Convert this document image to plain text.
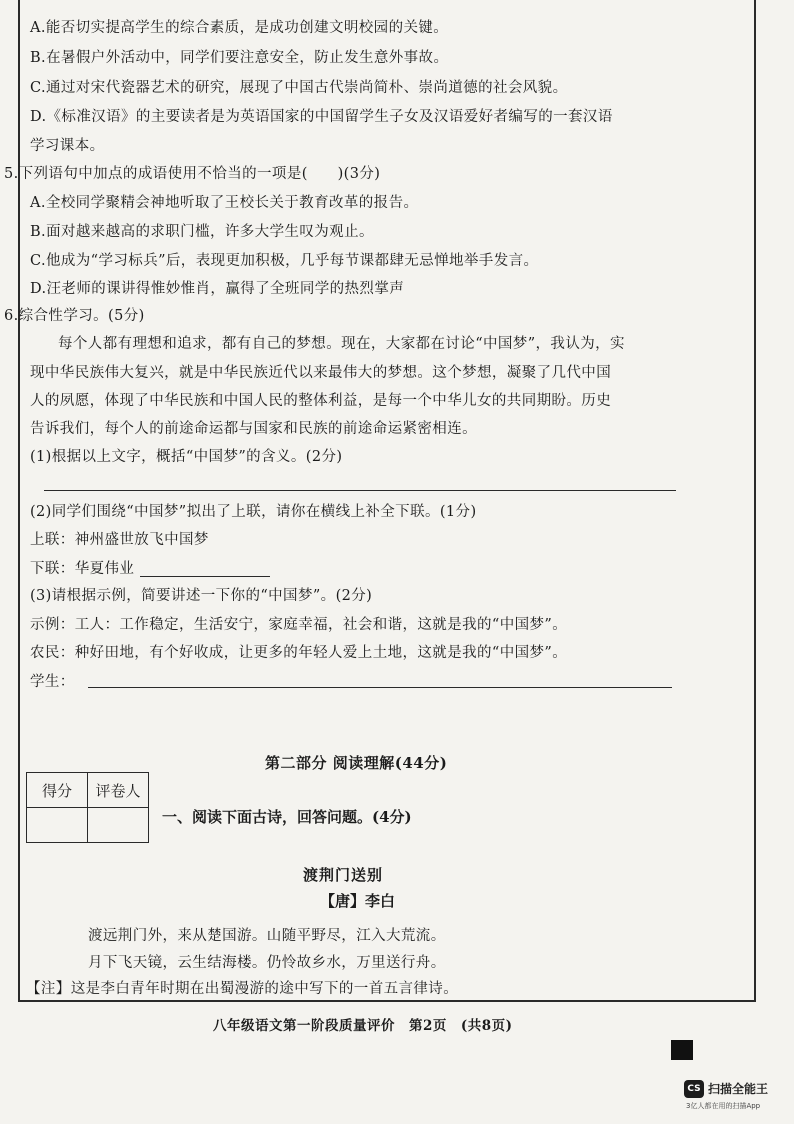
A.能否切实提高学生的综合素质，是成功创建文明校园的关键。
B.在暑假户外活动中，同学们要注意安全，防止发生意外事故。
C.通过对宋代瓷器艺术的研究，展现了中国古代崇尚简朴、崇尚道德的社会风貌。
D.《标准汉语》的主要读者是为英语国家的中国留学生子女及汉语爱好者编写的一套汉语
学习课本。
5.下列语句中加点的成语使用不恰当的一项是(　　)(3分)
A.全校同学聚精会神地听取了王校长关于教育改革的报告。
B.面对越来越高的求职门槛，许多大学生叹为观止。
C.他成为“学习标兵”后，表现更加积极，几乎每节课都肆无忌惮地举手发言。
D.汪老师的课讲得惟妙惟肖，赢得了全班同学的热烈掌声
6.综合性学习。(5分)
每个人都有理想和追求，都有自己的梦想。现在，大家都在讨论“中国梦”，我认为，实
现中华民族伟大复兴，就是中华民族近代以来最伟大的梦想。这个梦想，凝聚了几代中国
人的夙愿，体现了中华民族和中国人民的整体利益，是每一个中华儿女的共同期盼。历史
告诉我们，每个人的前途命运都与国家和民族的前途命运紧密相连。
(1)根据以上文字，概括“中国梦”的含义。(2分)
(2)同学们围绕“中国梦”拟出了上联，请你在横线上补全下联。(1分)
上联：神州盛世放飞中国梦
下联：华夏伟业
(3)请根据示例，简要讲述一下你的“中国梦”。(2分)
示例：工人：工作稳定，生活安宁，家庭幸福，社会和谐，这就是我的“中国梦”。
农民：种好田地，有个好收成，让更多的年轻人爱上土地，这就是我的“中国梦”。
学生：
第二部分 阅读理解(44分)
得分	评卷人

一、阅读下面古诗，回答问题。(4分)
渡荆门送别
【唐】李白
渡远荆门外，来从楚国游。山随平野尽，江入大荒流。
月下飞天镜，云生结海楼。仍怜故乡水，万里送行舟。
【注】这是李白青年时期在出蜀漫游的途中写下的一首五言律诗。
八年级语文第一阶段质量评价　第2页　(共8页)
CS 扫描全能王
3亿人都在用的扫描App
